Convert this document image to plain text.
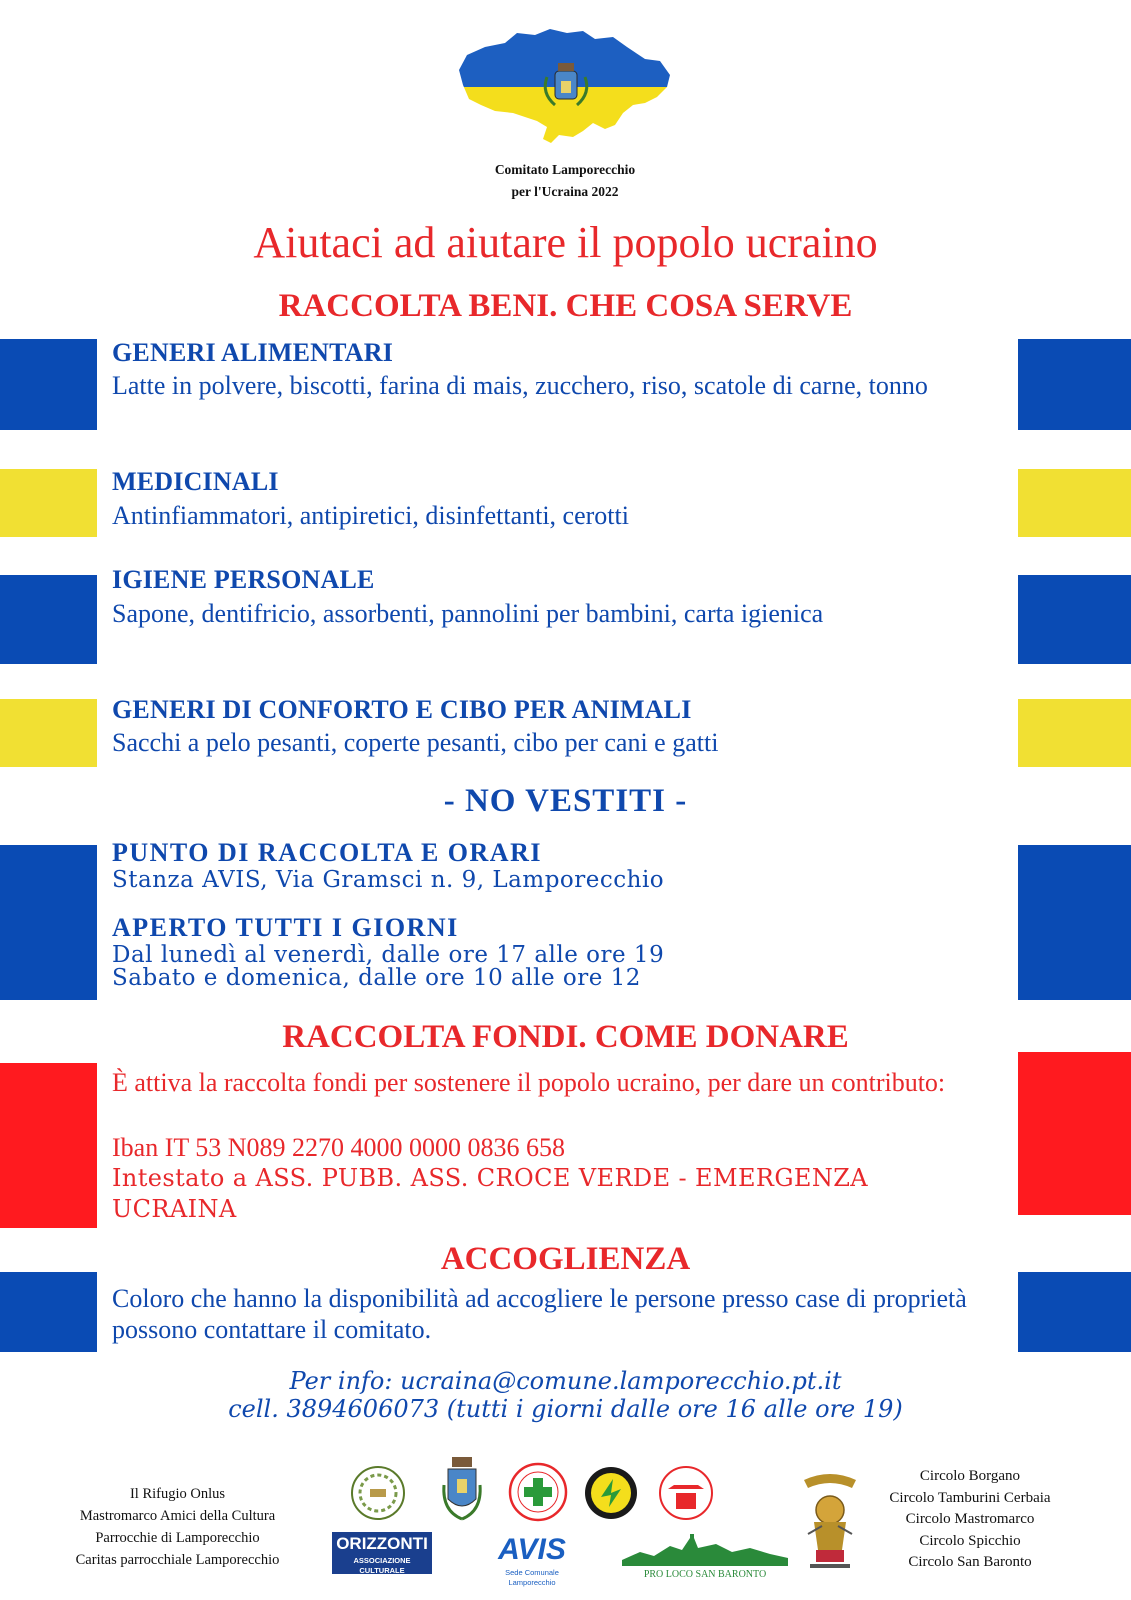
Comitato Lamporecchio
per l'Ucraina 2022
Aiutaci ad aiutare il popolo ucraino
RACCOLTA BENI. CHE COSA SERVE
GENERI ALIMENTARI
Latte in polvere, biscotti, farina di mais, zucchero, riso, scatole di carne, tonno
MEDICINALI
Antinfiammatori, antipiretici, disinfettanti, cerotti
IGIENE PERSONALE
Sapone, dentifricio, assorbenti, pannolini per bambini, carta igienica
GENERI DI CONFORTO E CIBO PER ANIMALI
Sacchi a pelo pesanti, coperte pesanti, cibo per cani e gatti
- NO VESTITI -
PUNTO DI RACCOLTA E ORARI
Stanza AVIS, Via Gramsci n. 9, Lamporecchio
APERTO TUTTI I GIORNI
Dal lunedì al venerdì, dalle ore 17 alle ore 19
Sabato e domenica, dalle ore 10 alle ore 12
RACCOLTA FONDI. COME DONARE
È attiva la raccolta fondi per sostenere il popolo ucraino, per dare un contributo:
Iban IT 53 N089 2270 4000 0000 0836 658
Intestato a ASS. PUBB. ASS. CROCE VERDE - EMERGENZA UCRAINA
ACCOGLIENZA
Coloro che hanno la disponibilità ad accogliere le persone presso case di proprietà possono contattare il comitato.
Per info: ucraina@comune.lamporecchio.pt.it
cell. 3894606073 (tutti i giorni dalle ore 16 alle ore 19)
Il Rifugio Onlus
Mastromarco Amici della Cultura
Parrocchie di Lamporecchio
Caritas parrocchiale Lamporecchio
ORIZZONTI
ASSOCIAZIONE CULTURALE
AVIS
Sede Comunale Lamporecchio
PRO LOCO SAN BARONTO
Circolo Borgano
Circolo Tamburini Cerbaia
Circolo Mastromarco
Circolo Spicchio
Circolo San Baronto
